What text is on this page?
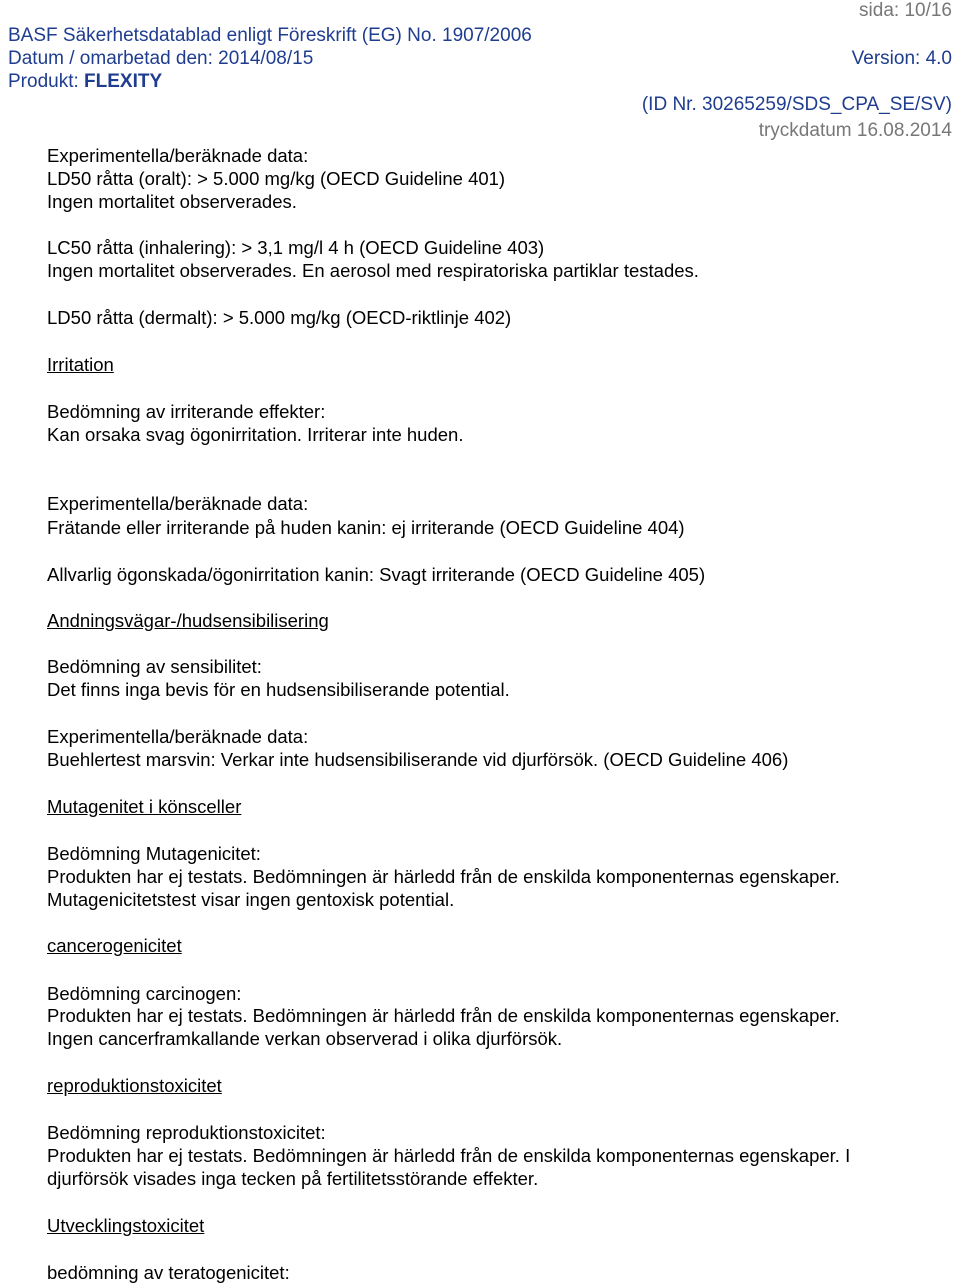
sida: 10/16
BASF Säkerhetsdatablad enligt Föreskrift (EG) No. 1907/2006
Datum / omarbetad den: 2014/08/15	Version: 4.0
Produkt: FLEXITY
(ID Nr. 30265259/SDS_CPA_SE/SV)
tryckdatum 16.08.2014
Experimentella/beräknade data:
LD50 råtta (oralt): > 5.000 mg/kg (OECD Guideline 401)
Ingen mortalitet observerades.
LC50 råtta (inhalering): > 3,1 mg/l 4 h (OECD Guideline 403)
Ingen mortalitet observerades. En aerosol med respiratoriska partiklar testades.
LD50 råtta (dermalt): > 5.000 mg/kg (OECD-riktlinje 402)
Irritation
Bedömning av irriterande effekter:
Kan orsaka svag ögonirritation. Irriterar inte huden.
Experimentella/beräknade data:
Frätande eller irriterande på huden kanin: ej irriterande (OECD Guideline 404)
Allvarlig ögonskada/ögonirritation kanin: Svagt irriterande (OECD Guideline 405)
Andningsvägar-/hudsensibilisering
Bedömning av sensibilitet:
Det finns inga bevis för en hudsensibiliserande potential.
Experimentella/beräknade data:
Buehlertest marsvin: Verkar inte hudsensibiliserande vid djurförsök. (OECD Guideline 406)
Mutagenitet i könsceller
Bedömning Mutagenicitet:
Produkten har ej testats. Bedömningen är härledd från de enskilda komponenternas egenskaper.
Mutagenicitetstest visar ingen gentoxisk potential.
cancerogenicitet
Bedömning carcinogen:
Produkten har ej testats. Bedömningen är härledd från de enskilda komponenternas egenskaper.
Ingen cancerframkallande verkan observerad i olika djurförsök.
reproduktionstoxicitet
Bedömning reproduktionstoxicitet:
Produkten har ej testats. Bedömningen är härledd från de enskilda komponenternas egenskaper. I
djurförsök visades inga tecken på fertilitetsstörande effekter.
Utvecklingstoxicitet
bedömning av teratogenicitet:
